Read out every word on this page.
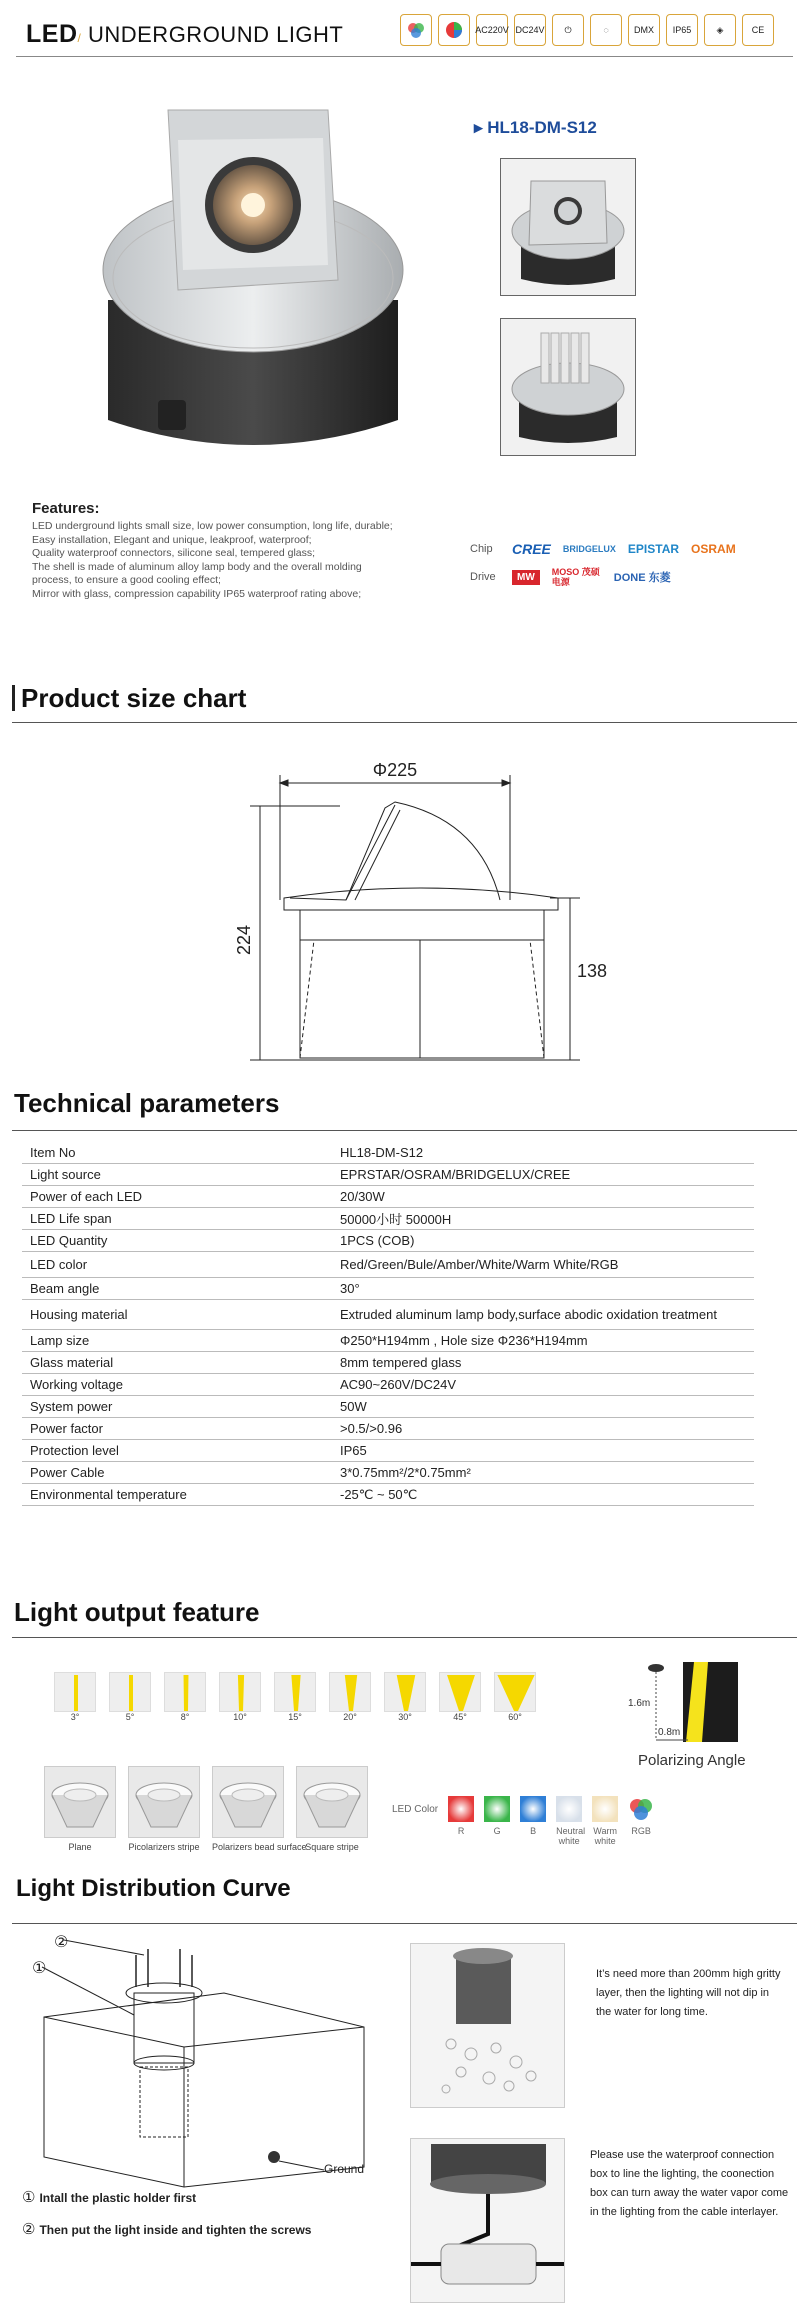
LED/ UNDERGROUND LIGHT	AC220V DC24V ⏻	◌	DMX IP65	◈	CE
▸ HL18-DM-S12
Features:
LED underground lights small size, low power consumption, long life, durable;
Easy installation, Elegant and unique, leakproof, waterproof;
Quality waterproof connectors, silicone seal, tempered glass;
The shell is made of aluminum alloy lamp body and the overall molding
process, to ensure a good cooling effect;
Mirror with glass, compression capability IP65 waterproof rating above;
Chip	CREE BRIDGELUX EPISTAR OSRAM
Drive	MW	MOSO 茂硕电源	DONE 东菱
Product size chart
Φ225
224
138
Technical parameters
Item No	HL18-DM-S12
Light source	EPRSTAR/OSRAM/BRIDGELUX/CREE
Power of each LED	20/30W
LED Life span	50000小时 50000H
LED Quantity	1PCS (COB)
LED color	Red/Green/Bule/Amber/White/Warm White/RGB
Beam angle	30°
Housing material	Extruded aluminum lamp body,surface abodic oxidation treatment
Lamp size	Φ250*H194mm , Hole size Φ236*H194mm
Glass material	8mm tempered glass
Working voltage	AC90~260V/DC24V
System power	50W
Power factor	>0.5/>0.96
Protection level	IP65
Power Cable	3*0.75mm²/2*0.75mm²
Environmental temperature	-25℃ ~ 50℃
Light output feature
3°	5°	8°	10°	15°	20°	30°	45°	60°
Plane	Picolarizers stripe Polarizers bead surface
Square stripe
1.6m
0.8m
Polarizing Angle
LED Color
R	G	B	Neutral white
Warm white
RGB
Light Distribution Curve
②
①
Ground
① Intall the plastic holder first
② Then put the light inside and tighten the screws
It’s need more than 200mm high gritty layer, then the lighting will not dip in the water for long time.
Please use the waterproof connection box to line the lighting, the coonection box can turn away the water vapor come in the lighting from the cable interlayer.
